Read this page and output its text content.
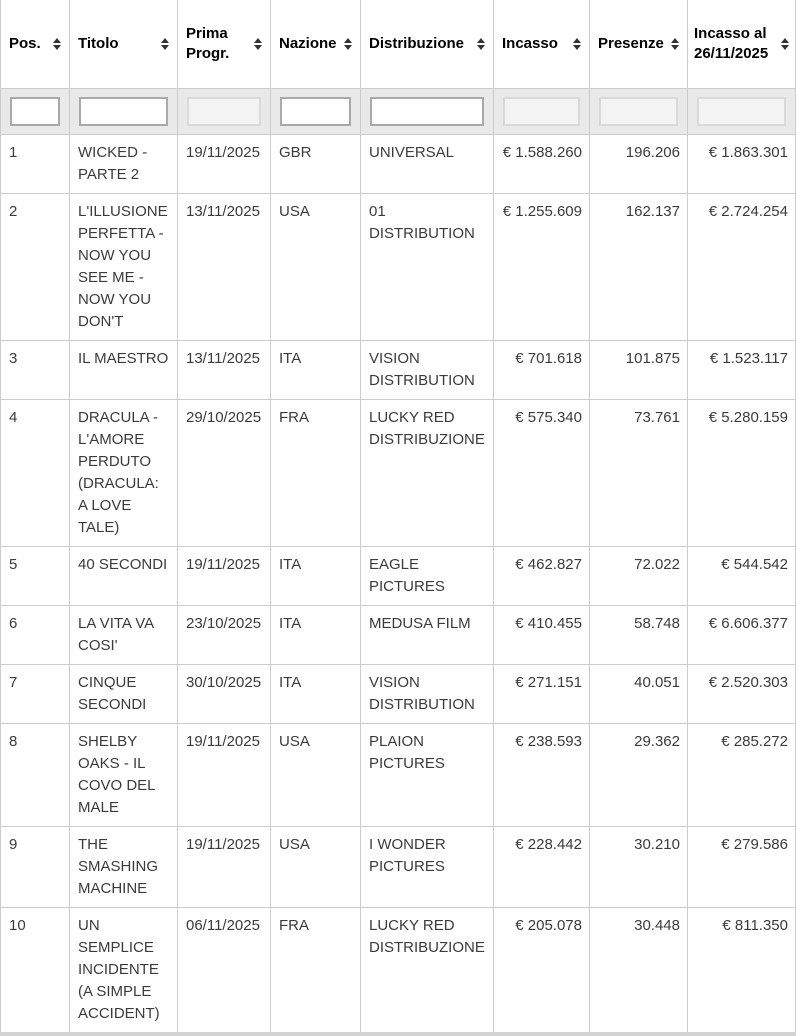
Pos.	Titolo	Prima Progr.	Nazione	Distribuzione	Incasso	Presenze	Incasso al 26/11/2025

1	WICKED - PARTE 2	19/11/2025	GBR	UNIVERSAL	€ 1.588.260	196.206	€ 1.863.301
2	L'ILLUSIONE PERFETTA - NOW YOU SEE ME - NOW YOU DON'T	13/11/2025	USA	01 DISTRIBUTION	€ 1.255.609	162.137	€ 2.724.254
3	IL MAESTRO	13/11/2025	ITA	VISION DISTRIBUTION	€ 701.618	101.875	€ 1.523.117
4	DRACULA - L'AMORE PERDUTO (DRACULA: A LOVE TALE)	29/10/2025	FRA	LUCKY RED DISTRIBUZIONE	€ 575.340	73.761	€ 5.280.159
5	40 SECONDI	19/11/2025	ITA	EAGLE PICTURES	€ 462.827	72.022	€ 544.542
6	LA VITA VA COSI'	23/10/2025	ITA	MEDUSA FILM	€ 410.455	58.748	€ 6.606.377
7	CINQUE SECONDI	30/10/2025	ITA	VISION DISTRIBUTION	€ 271.151	40.051	€ 2.520.303
8	SHELBY OAKS - IL COVO DEL MALE	19/11/2025	USA	PLAION PICTURES	€ 238.593	29.362	€ 285.272
9	THE SMASHING MACHINE	19/11/2025	USA	I WONDER PICTURES	€ 228.442	30.210	€ 279.586
10	UN SEMPLICE INCIDENTE (A SIMPLE ACCIDENT)	06/11/2025	FRA	LUCKY RED DISTRIBUZIONE	€ 205.078	30.448	€ 811.350
